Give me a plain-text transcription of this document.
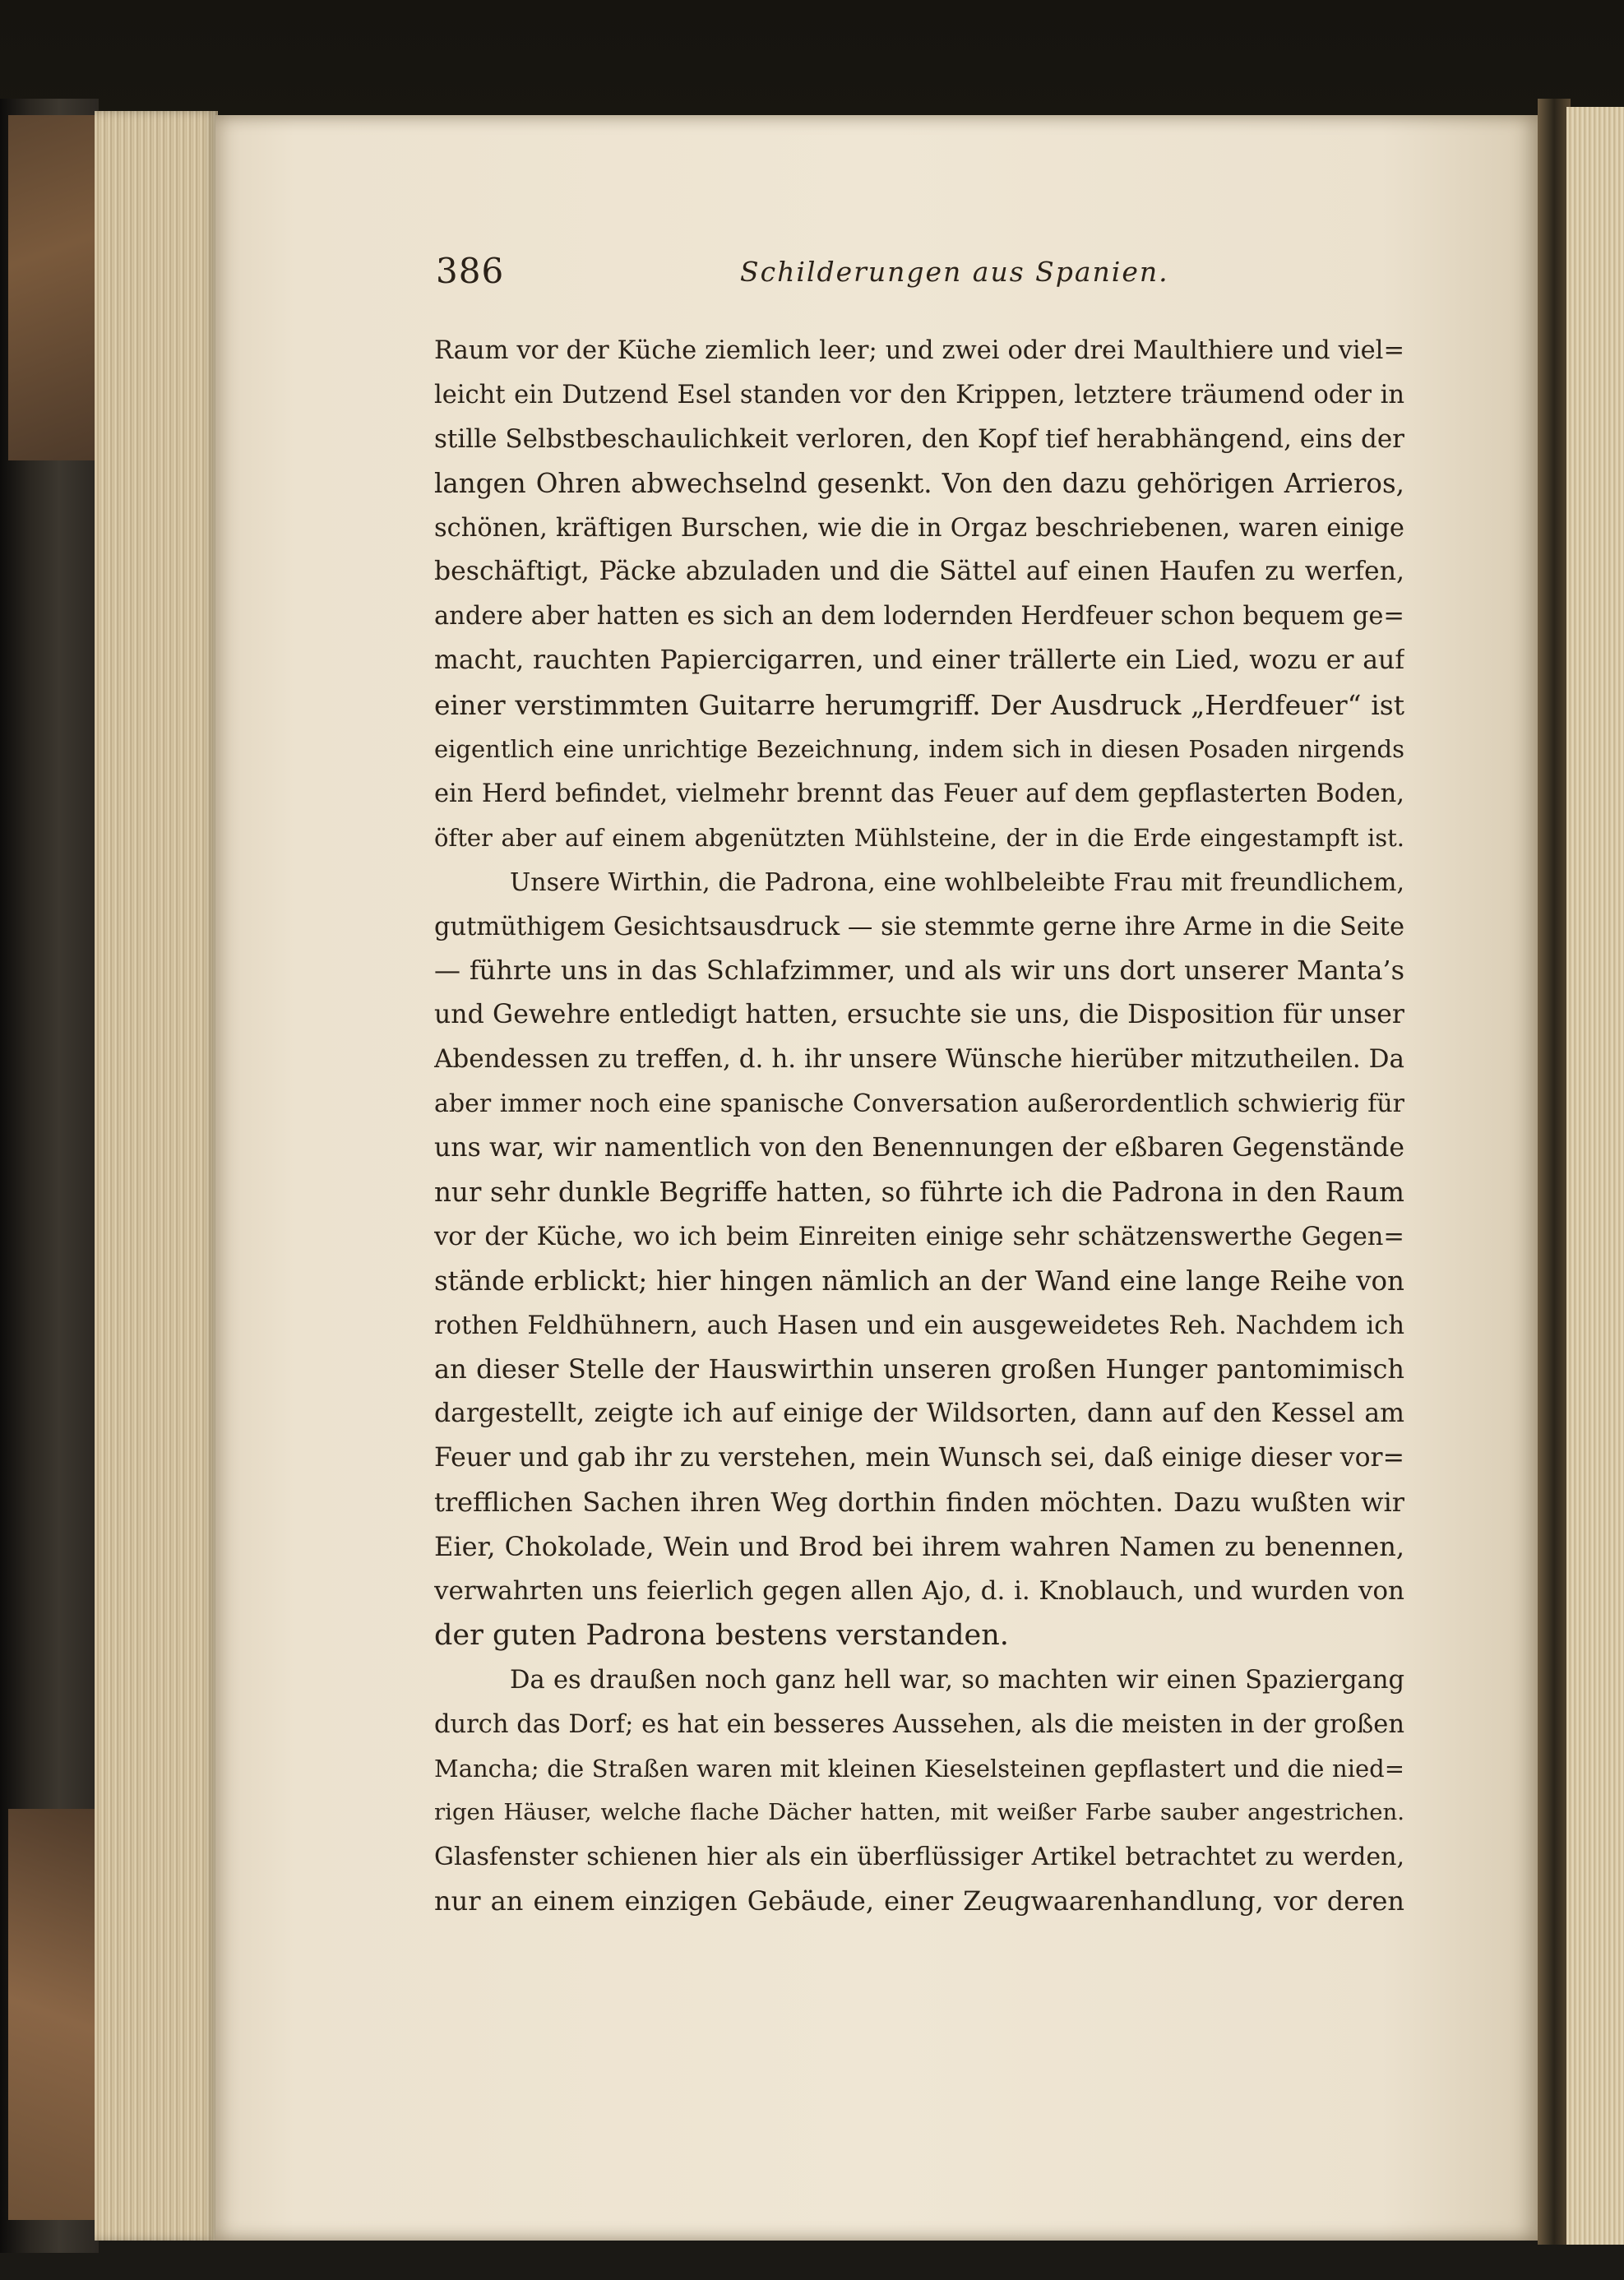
386	Schilderungen aus Spanien.
Raum vor der Küche ziemlich leer; und zwei oder drei Maulthiere und viel=
leicht ein Dutzend Esel standen vor den Krippen, letztere träumend oder in
stille Selbstbeschaulichkeit verloren, den Kopf tief herabhängend, eins der
langen Ohren abwechselnd gesenkt. Von den dazu gehörigen Arrieros,
schönen, kräftigen Burschen, wie die in Orgaz beschriebenen, waren einige
beschäftigt, Päcke abzuladen und die Sättel auf einen Haufen zu werfen,
andere aber hatten es sich an dem lodernden Herdfeuer schon bequem ge=
macht, rauchten Papiercigarren, und einer trällerte ein Lied, wozu er auf
einer verstimmten Guitarre herumgriff. Der Ausdruck „Herdfeuer“ ist
eigentlich eine unrichtige Bezeichnung, indem sich in diesen Posaden nirgends
ein Herd befindet, vielmehr brennt das Feuer auf dem gepflasterten Boden,
öfter aber auf einem abgenützten Mühlsteine, der in die Erde eingestampft ist.
Unsere Wirthin, die Padrona, eine wohlbeleibte Frau mit freundlichem,
gutmüthigem Gesichtsausdruck — sie stemmte gerne ihre Arme in die Seite
— führte uns in das Schlafzimmer, und als wir uns dort unserer Manta’s
und Gewehre entledigt hatten, ersuchte sie uns, die Disposition für unser
Abendessen zu treffen, d. h. ihr unsere Wünsche hierüber mitzutheilen. Da
aber immer noch eine spanische Conversation außerordentlich schwierig für
uns war, wir namentlich von den Benennungen der eßbaren Gegenstände
nur sehr dunkle Begriffe hatten, so führte ich die Padrona in den Raum
vor der Küche, wo ich beim Einreiten einige sehr schätzenswerthe Gegen=
stände erblickt; hier hingen nämlich an der Wand eine lange Reihe von
rothen Feldhühnern, auch Hasen und ein ausgeweidetes Reh. Nachdem ich
an dieser Stelle der Hauswirthin unseren großen Hunger pantomimisch
dargestellt, zeigte ich auf einige der Wildsorten, dann auf den Kessel am
Feuer und gab ihr zu verstehen, mein Wunsch sei, daß einige dieser vor=
trefflichen Sachen ihren Weg dorthin finden möchten. Dazu wußten wir
Eier, Chokolade, Wein und Brod bei ihrem wahren Namen zu benennen,
verwahrten uns feierlich gegen allen Ajo, d. i. Knoblauch, und wurden von
der guten Padrona bestens verstanden.
Da es draußen noch ganz hell war, so machten wir einen Spaziergang
durch das Dorf; es hat ein besseres Aussehen, als die meisten in der großen
Mancha; die Straßen waren mit kleinen Kieselsteinen gepflastert und die nied=
rigen Häuser, welche flache Dächer hatten, mit weißer Farbe sauber angestrichen.
Glasfenster schienen hier als ein überflüssiger Artikel betrachtet zu werden,
nur an einem einzigen Gebäude, einer Zeugwaarenhandlung, vor deren
